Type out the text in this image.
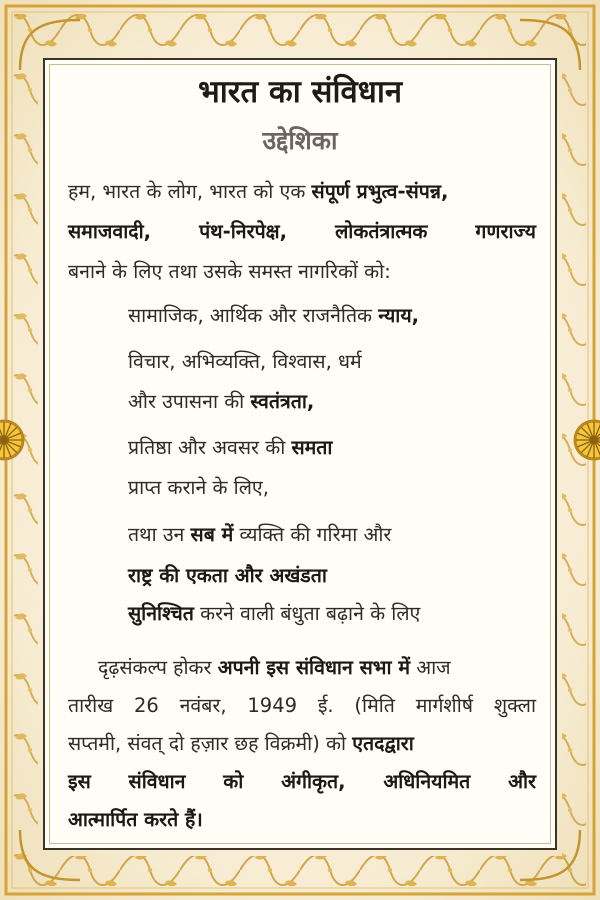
भारत का संविधान
उद्देशिका

हम, भारत के लोग, भारत को एक संपूर्ण प्रभुत्व-संपन्न,

समाजवादी, पंथ-निरपेक्ष, लोकतंत्रात्मक गणराज्य

बनाने के लिए तथा उसके समस्त नागरिकों को:

सामाजिक, आर्थिक और राजनैतिक न्याय,

विचार, अभिव्यक्ति, विश्वास, धर्म

और उपासना की स्वतंत्रता,

प्रतिष्ठा और अवसर की समता

प्राप्त कराने के लिए,

तथा उन सब में व्यक्ति की गरिमा और

राष्ट्र की एकता और अखंडता

सुनिश्चित करने वाली बंधुता बढ़ाने के लिए

दृढ़संकल्प होकर अपनी इस संविधान सभा में आज

तारीख 26 नवंबर, 1949 ई. (मिति मार्गशीर्ष शुक्ला

सप्तमी, संवत् दो हज़ार छह विक्रमी) को एतदद्वारा

इस संविधान को अंगीकृत, अधिनियमित और

आत्मार्पित करते हैं।
